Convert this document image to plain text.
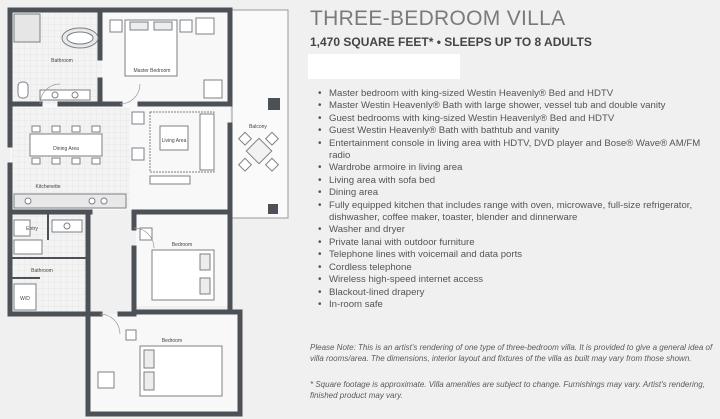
Bathroom
Master Bedroom
Balcony
Dining Area
Living Area
Kitchenette
Entry
Bathroom
W/D
Bedroom
Bedroom
THREE-BEDROOM VILLA
1,470 SQUARE FEET* • SLEEPS UP TO 8 ADULTS
• Master bedroom with king-sized Westin Heavenly® Bed and HDTV
• Master Westin Heavenly® Bath with large shower, vessel tub and double vanity
• Guest bedrooms with king-sized Westin Heavenly® Bed and HDTV
• Guest Westin Heavenly® Bath with bathtub and vanity
• Entertainment console in living area with HDTV, DVD player and Bose® Wave® AM/FM radio
• Wardrobe armoire in living area
• Living area with sofa bed
• Dining area
• Fully equipped kitchen that includes range with oven, microwave, full-size refrigerator, dishwasher, coffee maker, toaster, blender and dinnerware
• Washer and dryer
• Private lanai with outdoor furniture
• Telephone lines with voicemail and data ports
• Cordless telephone
• Wireless high-speed internet access
• Blackout-lined drapery
• In-room safe

Please Note: This is an artist's rendering of one type of three-bedroom villa. It is provided to give a general idea of villa rooms/area. The dimensions, interior layout and fixtures of the villa as built may vary from those shown.

* Square footage is approximate. Villa amenities are subject to change. Furnishings may vary. Artist's rendering, finished product may vary.
